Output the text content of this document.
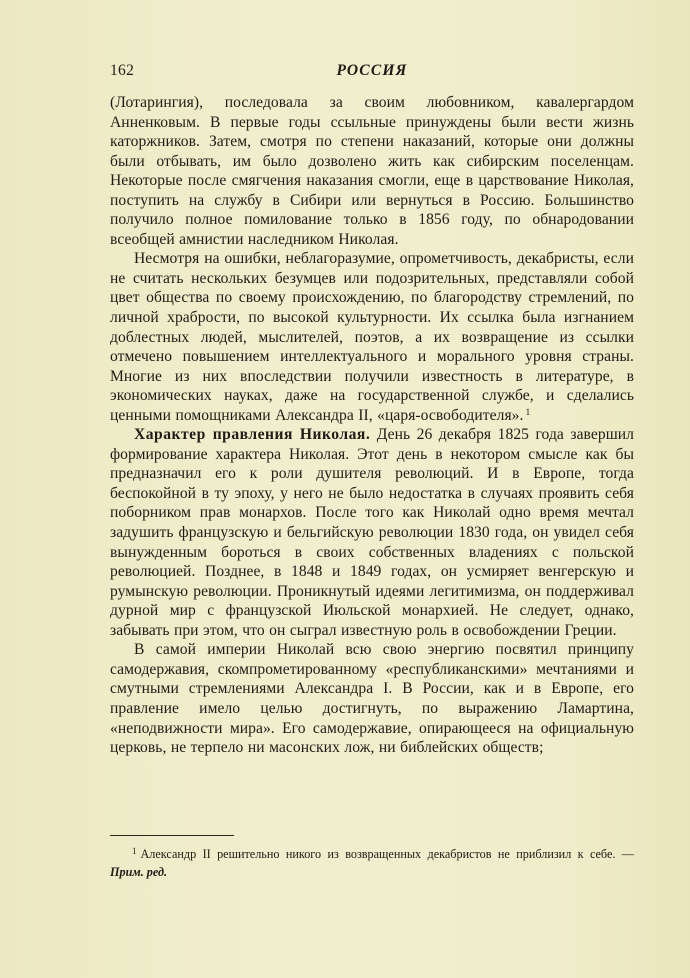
162	РОССИЯ

(Лотарингия), последовала за своим любовником, кавалергардом Анненковым. В первые годы ссыльные принуждены были вести жизнь каторжников. Затем, смотря по степени наказаний, которые они должны были отбывать, им было дозволено жить как сибирским поселенцам. Некоторые после смягчения наказания смогли, еще в царствование Николая, поступить на службу в Сибири или вернуться в Россию. Большинство получило полное помилование только в 1856 году, по обнародовании всеобщей амнистии наследником Николая.

Несмотря на ошибки, неблагоразумие, опрометчивость, декабристы, если не считать нескольких безумцев или подозрительных, представляли собой цвет общества по своему происхождению, по благородству стремлений, по личной храбрости, по высокой культурности. Их ссылка была изгнанием доблестных людей, мыслителей, поэтов, а их возвращение из ссылки отмечено повышением интеллектуального и морального уровня страны. Многие из них впоследствии получили известность в литературе, в экономических науках, даже на государственной службе, и сделались ценными помощниками Александра II, «царя-освободителя». $^1$

Характер правления Николая. День 26 декабря 1825 года завершил формирование характера Николая. Этот день в некотором смысле как бы предназначил его к роли душителя революций. И в Европе, тогда беспокойной в ту эпоху, у него не было недостатка в случаях проявить себя поборником прав монархов. После того как Николай одно время мечтал задушить французскую и бельгийскую революции 1830 года, он увидел себя вынужденным бороться в своих собственных владениях с польской революцией. Позднее, в 1848 и 1849 годах, он усмиряет венгерскую и румынскую революции. Проникнутый идеями легитимизма, он поддерживал дурной мир с французской Июльской монархией. Не следует, однако, забывать при этом, что он сыграл известную роль в освобождении Греции.

В самой империи Николай всю свою энергию посвятил принципу самодержавия, скомпрометированному «республиканскими» мечтаниями и смутными стремлениями Александра I. В России, как и в Европе, его правление имело целью достигнуть, по выражению Ламартина, «неподвижности мира». Его самодержавие, опирающееся на официальную церковь, не терпело ни масонских лож, ни библейских обществ;

$^1$ Александр II решительно никого из возвращенных декабристов не приблизил к себе. — Прим. ред.
